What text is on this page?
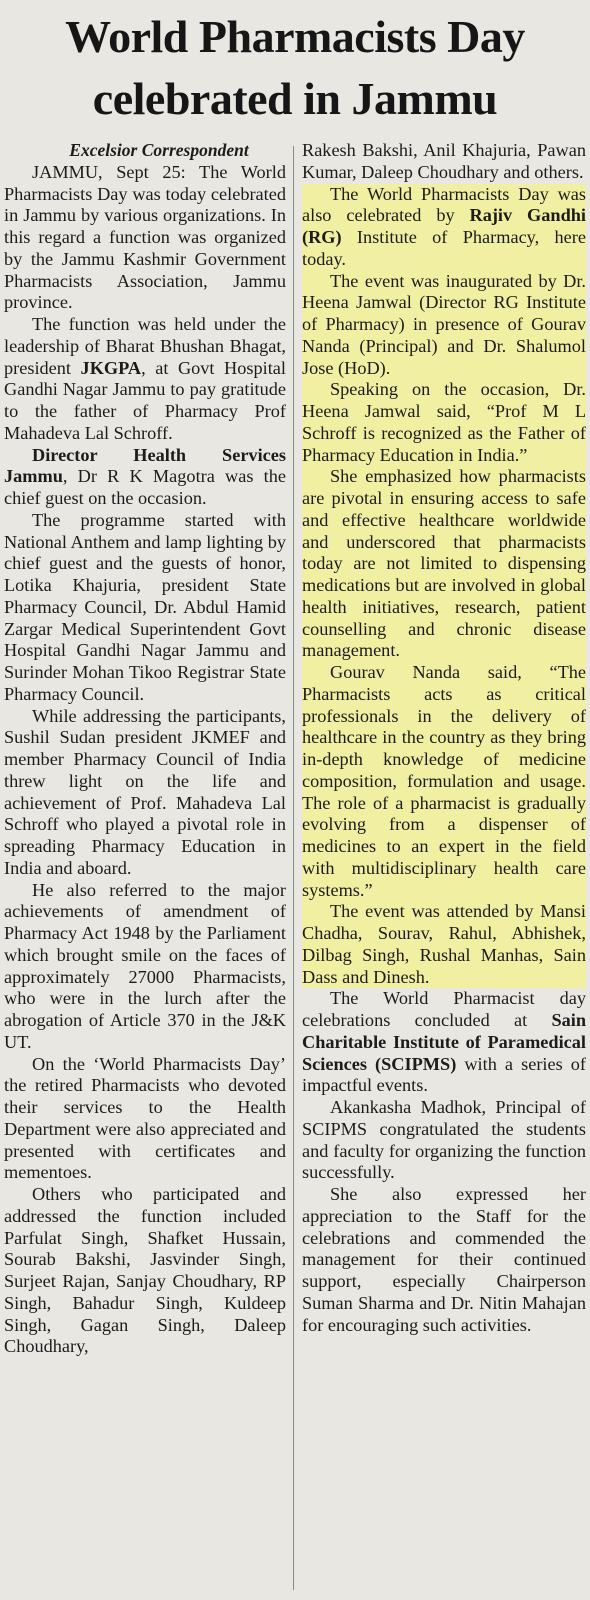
World Pharmacists Day
celebrated in Jammu

Excelsior Correspondent

JAMMU, Sept 25: The World Pharmacists Day was today celebrated in Jammu by various organizations. In this regard a function was organized by the Jammu Kashmir Government Pharmacists Association, Jammu province.

The function was held under the leadership of Bharat Bhushan Bhagat, president JKGPA, at Govt Hospital Gandhi Nagar Jammu to pay gratitude to the father of Pharmacy Prof Mahadeva Lal Schroff.

Director Health Services Jammu, Dr R K Magotra was the chief guest on the occasion.

The programme started with National Anthem and lamp lighting by chief guest and the guests of honor, Lotika Khajuria, president State Pharmacy Council, Dr. Abdul Hamid Zargar Medical Superintendent Govt Hospital Gandhi Nagar Jammu and Surinder Mohan Tikoo Registrar State Pharmacy Council.

While addressing the participants, Sushil Sudan president JKMEF and member Pharmacy Council of India threw light on the life and achievement of Prof. Mahadeva Lal Schroff who played a pivotal role in spreading Pharmacy Education in India and aboard.

He also referred to the major achievements of amendment of Pharmacy Act 1948 by the Parliament which brought smile on the faces of approximately 27000 Pharmacists, who were in the lurch after the abrogation of Article 370 in the J&K UT.

On the ‘World Pharmacists Day’ the retired Pharmacists who devoted their services to the Health Department were also appreciated and presented with certificates and mementoes.

Others who participated and addressed the function included Parfulat Singh, Shafket Hussain, Sourab Bakshi, Jasvinder Singh, Surjeet Rajan, Sanjay Choudhary, RP Singh, Bahadur Singh, Kuldeep Singh, Gagan Singh, Daleep Choudhary,

Rakesh Bakshi, Anil Khajuria, Pawan Kumar, Daleep Choudhary and others.

The World Pharmacists Day was also celebrated by Rajiv Gandhi (RG) Institute of Pharmacy, here today.

The event was inaugurated by Dr. Heena Jamwal (Director RG Institute of Pharmacy) in presence of Gourav Nanda (Principal) and Dr. Shalumol Jose (HoD).

Speaking on the occasion, Dr. Heena Jamwal said, “Prof M L Schroff is recognized as the Father of Pharmacy Education in India.”

She emphasized how pharmacists are pivotal in ensuring access to safe and effective healthcare worldwide and underscored that pharmacists today are not limited to dispensing medications but are involved in global health initiatives, research, patient counselling and chronic disease management.

Gourav Nanda said, “The Pharmacists acts as critical professionals in the delivery of healthcare in the country as they bring in-depth knowledge of medicine composition, formulation and usage. The role of a pharmacist is gradually evolving from a dispenser of medicines to an expert in the field with multidisciplinary health care systems.”

The event was attended by Mansi Chadha, Sourav, Rahul, Abhishek, Dilbag Singh, Rushal Manhas, Sain Dass and Dinesh.

The World Pharmacist day celebrations concluded at Sain Charitable Institute of Paramedical Sciences (SCIPMS) with a series of impactful events.

Akankasha Madhok, Principal of SCIPMS congratulated the students and faculty for organizing the function successfully.

She also expressed her appreciation to the Staff for the celebrations and commended the management for their continued support, especially Chairperson Suman Sharma and Dr. Nitin Mahajan for encouraging such activities.
